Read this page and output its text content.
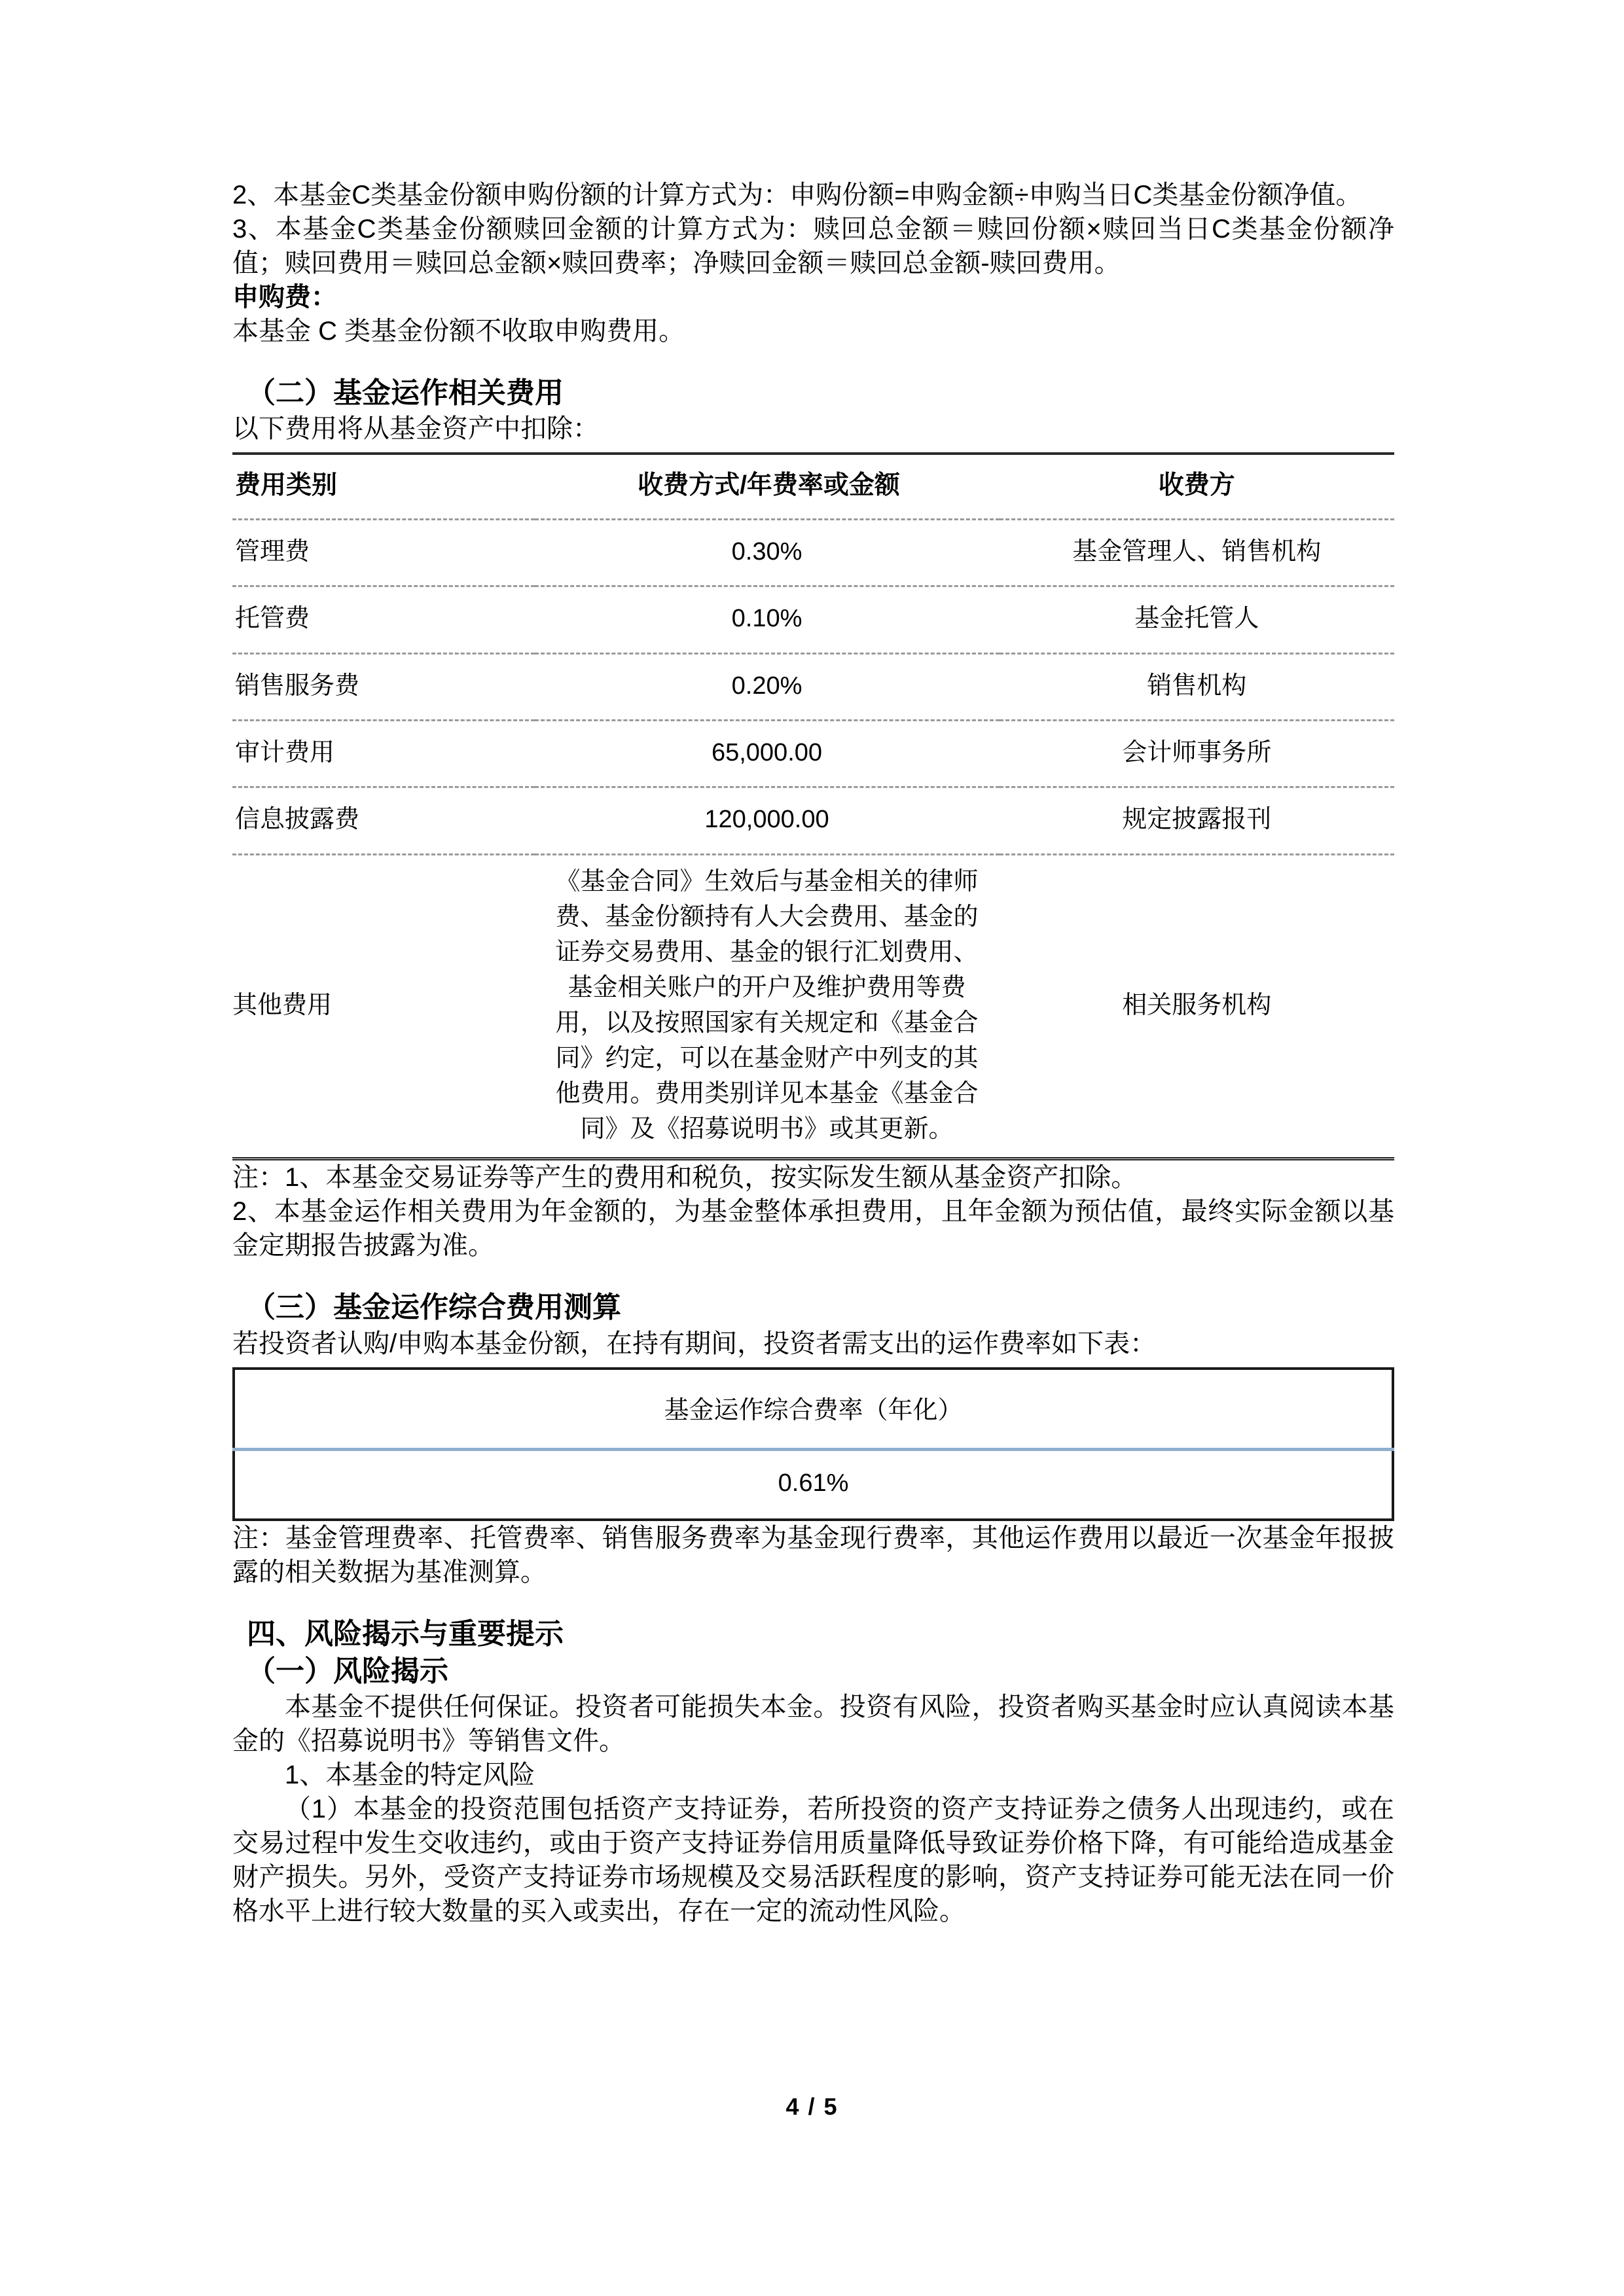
2、本基金C类基金份额申购份额的计算方式为：申购份额=申购金额÷申购当日C类基金份额净值。

3、本基金C类基金份额赎回金额的计算方式为：赎回总金额＝赎回份额×赎回当日C类基金份额净值；赎回费用＝赎回总金额×赎回费率；净赎回金额＝赎回总金额-赎回费用。

申购费：

本基金 C 类基金份额不收取申购费用。

（二）基金运作相关费用

以下费用将从基金资产中扣除：

费用类别	收费方式/年费率或金额	收费方
管理费	0.30%	基金管理人、销售机构
托管费	0.10%	基金托管人
销售服务费	0.20%	销售机构
审计费用	65,000.00	会计师事务所
信息披露费	120,000.00	规定披露报刊
其他费用	《基金合同》生效后与基金相关的律师费、基金份额持有人大会费用、基金的证券交易费用、基金的银行汇划费用、基金相关账户的开户及维护费用等费用，以及按照国家有关规定和《基金合同》约定，可以在基金财产中列支的其他费用。费用类别详见本基金《基金合同》及《招募说明书》或其更新。	相关服务机构

注：1、本基金交易证券等产生的费用和税负，按实际发生额从基金资产扣除。

2、本基金运作相关费用为年金额的，为基金整体承担费用，且年金额为预估值，最终实际金额以基金定期报告披露为准。

（三）基金运作综合费用测算

若投资者认购/申购本基金份额，在持有期间，投资者需支出的运作费率如下表：

基金运作综合费率（年化）
0.61%

注：基金管理费率、托管费率、销售服务费率为基金现行费率，其他运作费用以最近一次基金年报披露的相关数据为基准测算。

四、风险揭示与重要提示
（一）风险揭示

本基金不提供任何保证。投资者可能损失本金。投资有风险，投资者购买基金时应认真阅读本基金的《招募说明书》等销售文件。

1、本基金的特定风险

（1）本基金的投资范围包括资产支持证券，若所投资的资产支持证券之债务人出现违约，或在交易过程中发生交收违约，或由于资产支持证券信用质量降低导致证券价格下降，有可能给造成基金财产损失。另外，受资产支持证券市场规模及交易活跃程度的影响，资产支持证券可能无法在同一价格水平上进行较大数量的买入或卖出，存在一定的流动性风险。

4 / 5
